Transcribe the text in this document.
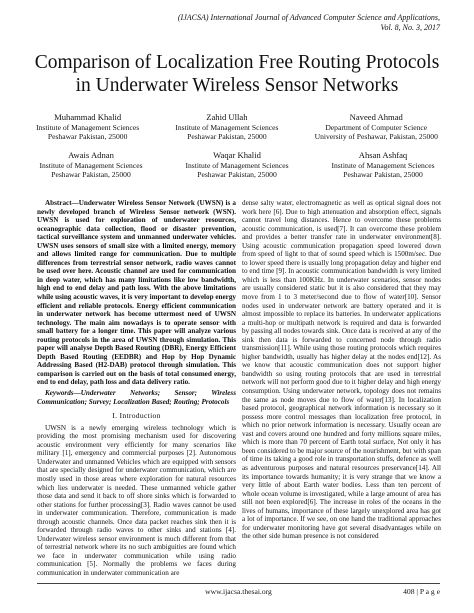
(IJACSA) International Journal of Advanced Computer Science and Applications,
Vol. 8, No. 3, 2017
Comparison of Localization Free Routing Protocols
in Underwater Wireless Sensor Networks
Muhammad Khalid
Institute of Management Sciences
Peshawar Pakistan, 25000
Zahid Ullah
Institute of Management Sciences
Peshawar Pakistan, 25000
Naveed Ahmad
Department of Computer Science
University of Peshawar, Pakistan, 25000
Awais Adnan
Institute of Management Sciences
Peshawar Pakistan, 25000
Waqar Khalid
Institute of Management Sciences
Peshawar Pakistan, 25000
Ahsan Ashfaq
Institute of Management Sciences
Peshawar Pakistan, 25000

Abstract—Underwater Wireless Sensor Network (UWSN) is a newly developed branch of Wireless Sensor network (WSN). UWSN is used for exploration of underwater resources, oceanographic data collection, flood or disaster prevention, tactical surveillance system and unmanned underwater vehicles. UWSN uses sensors of small size with a limited energy, memory and allows limited range for communication. Due to multiple differences from terrestrial sensor network, radio waves cannot be used over here. Acoustic channel are used for communication in deep water, which has many limitations like low bandwidth, high end to end delay and path loss. With the above limitations while using acoustic waves, it is very important to develop energy efficient and reliable protocols. Energy efficient communication in underwater network has become uttermost need of UWSN technology. The main aim nowadays is to operate sensor with small battery for a longer time. This paper will analyze various routing protocols in the area of UWSN through simulation. This paper will analyse Depth Based Routing (DBR), Energy Efficient Depth Based Routing (EEDBR) and Hop by Hop Dynamic Addressing Based (H2-DAB) protocol through simulation. This comparison is carried out on the basis of total consumed energy, end to end delay, path loss and data delivery ratio.

Keywords—Underwater Networks; Sensor; Wireless Communication; Survey; Localization Based; Routing; Protocols

I. Introduction

UWSN is a newly emerging wireless technology which is providing the most promising mechanism used for discovering acoustic environment very efficiently for many scenarios like military [1], emergency and commercial purposes [2]. Autonomous Underwater and unmanned Vehicles which are equipped with sensors that are specially designed for underwater communication, which are mostly used in those areas where exploration for natural resources which lies underwater is needed. These unmanned vehicle gather those data and send it back to off shore sinks which is forwarded to other stations for further processing[3]. Radio waves cannot be used in underwater communication. Therefore, communication is made through acoustic channels. Once data packet reaches sink then it is forwarded through radio waves to other sinks and stations [4]. Underwater wireless sensor environment is much different from that of terrestrial network where its no such ambiguities are found which we face in underwater communication while using radio communication [5]. Normally the problems we faces during communication in underwater communication are

dense salty water, electromagnetic as well as optical signal does not work here [6]. Due to high attenuation and absorption effect, signals cannot travel long distances. Hence to overcome these problems acoustic communication, is used[7]. It can overcome these problem and provides a better transfer rate in underwater environment[8]. Using acoustic communication propagation speed lowered down from speed of light to that of sound speed which is 1500m/sec. Due to lower speed there is usually long propagation delay and higher end to end time [9]. In acoustic communication bandwidth is very limited which is less than 100KHz. In underwater scenarios, sensor nodes are usually considered static but it is also considered that they may move from 1 to 3 meter/second due to flow of water[10]. Sensor nodes used in underwater network are battery operated and it is almost impossible to replace its batteries. In underwater applications a multi-hop or multipath network is required and data is forwarded by passing all nodes towards sink. Once data is received at any of the sink then data is forwarded to concerned node through radio transmission[11]. While using those routing protocols which requires higher bandwidth, usually has higher delay at the nodes end[12]. As we know that acoustic communication does not support higher bandwidth so using routing protocols that are used in terrestrial network will not perform good due to it higher delay and high energy consumption. Using underwater network, topology does not remains the same as node moves due to flow of water[13]. In localization based protocol, geographical network information is necessary so it possess more control messages than localization free protocol, in which no prior network information is necessary. Usually ocean are vast and covers around one hundred and forty millions square miles, which is more than 70 percent of Earth total surface, Not only it has been considered to be major source of the nourishment, but with span of time its taking a good role in transportation stuffs, defence as well as adventurous purposes and natural resources preservance[14]. All its importance towards humanity; it is very strange that we know a very little of about Earth water bodies. Less than ten percent of whole ocean volume is investigated, while a large amount of area has still not been explored[6]. The increase in roles of the oceans in the lives of humans, importance of these largely unexplored area has got a lot of importance. If we see, on one hand the traditional approaches for underwater monitoring have got several disadvantages while on the other side human presence is not considered

www.ijacsa.thesai.org	408 | P a g e
